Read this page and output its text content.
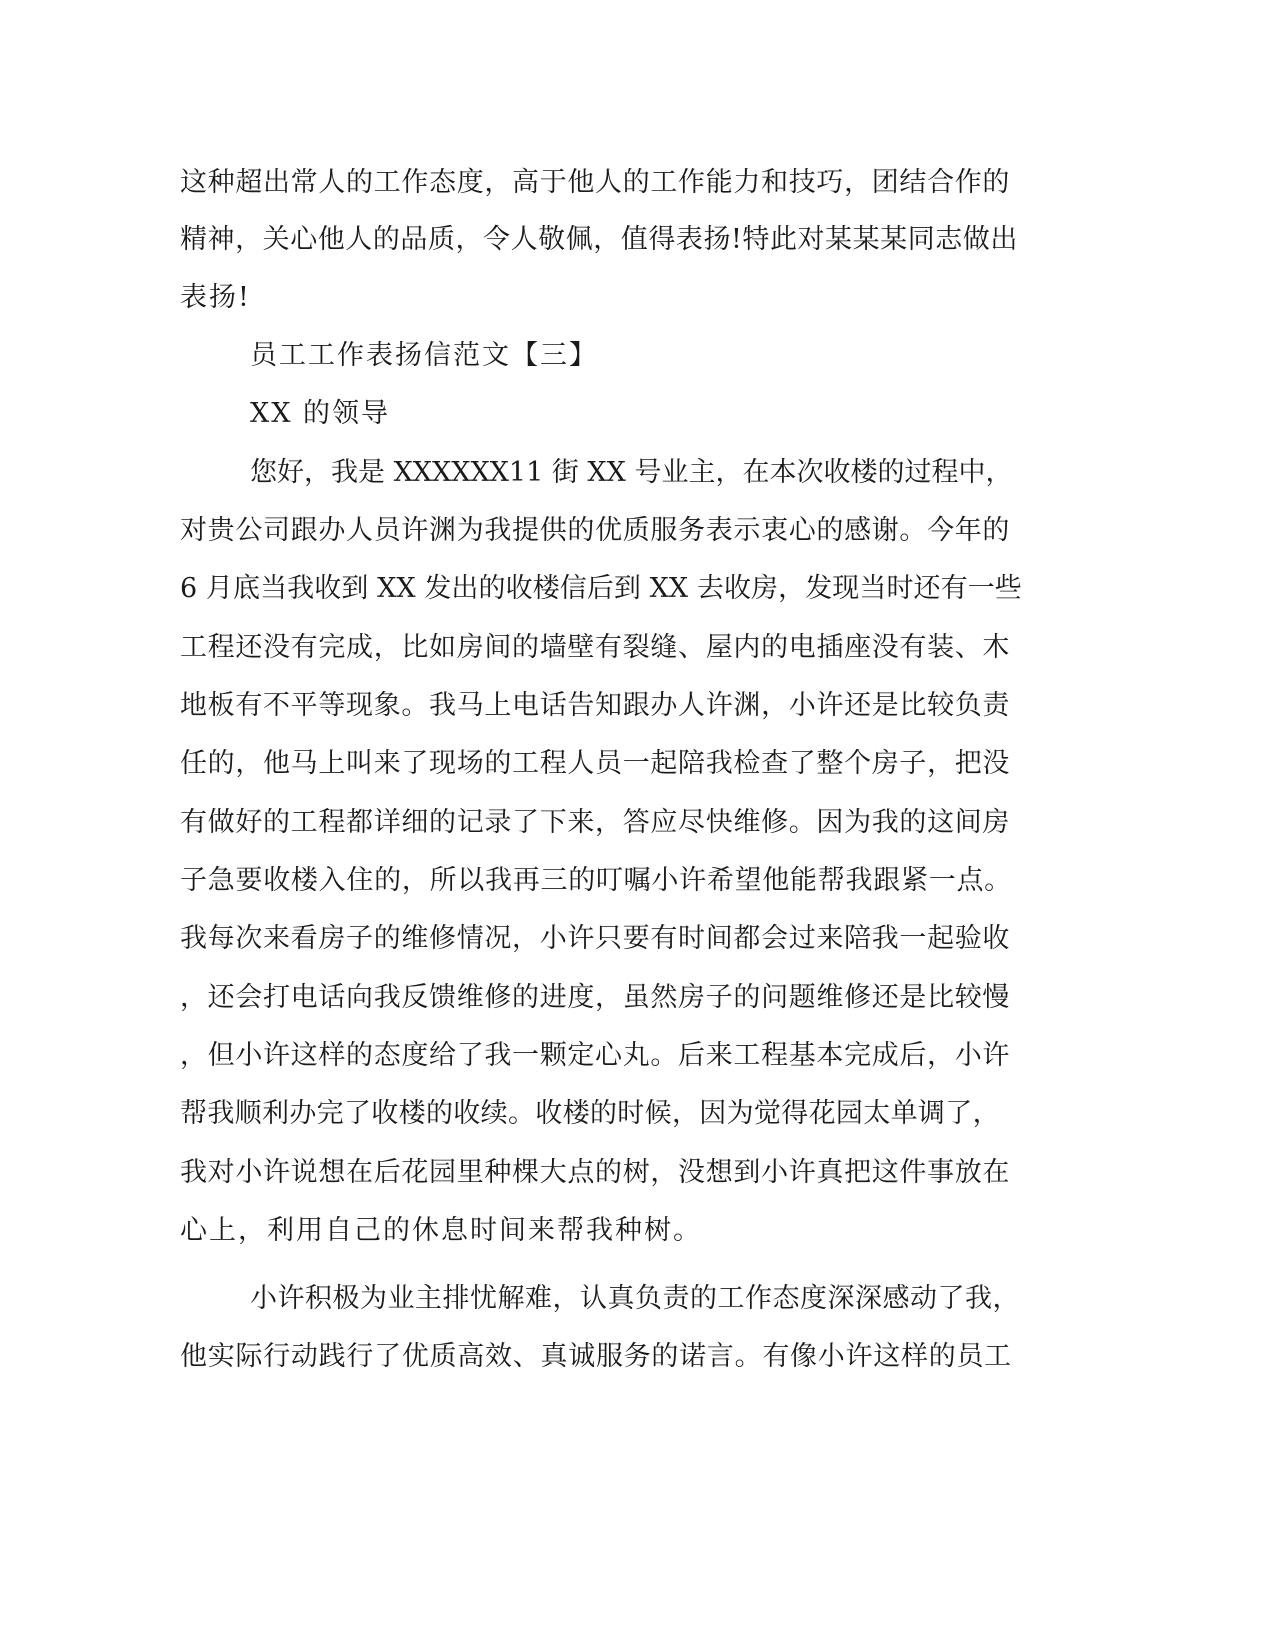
这种超出常人的工作态度，高于他人的工作能力和技巧，团结合作的
精神，关心他人的品质，令人敬佩，值得表扬!特此对某某某同志做出
表扬!
员工工作表扬信范文【三】
XX 的领导
您好，我是 XXXXXX11 街 XX 号业主，在本次收楼的过程中，
对贵公司跟办人员许渊为我提供的优质服务表示衷心的感谢。今年的
6 月底当我收到 XX 发出的收楼信后到 XX 去收房，发现当时还有一些
工程还没有完成，比如房间的墙壁有裂缝、屋内的电插座没有装、木
地板有不平等现象。我马上电话告知跟办人许渊，小许还是比较负责
任的，他马上叫来了现场的工程人员一起陪我检查了整个房子，把没
有做好的工程都详细的记录了下来，答应尽快维修。因为我的这间房
子急要收楼入住的，所以我再三的叮嘱小许希望他能帮我跟紧一点。
我每次来看房子的维修情况，小许只要有时间都会过来陪我一起验收
，还会打电话向我反馈维修的进度，虽然房子的问题维修还是比较慢
，但小许这样的态度给了我一颗定心丸。后来工程基本完成后，小许
帮我顺利办完了收楼的收续。收楼的时候，因为觉得花园太单调了，
我对小许说想在后花园里种棵大点的树，没想到小许真把这件事放在
心上，利用自己的休息时间来帮我种树。
小许积极为业主排忧解难，认真负责的工作态度深深感动了我，
他实际行动践行了优质高效、真诚服务的诺言。有像小许这样的员工
